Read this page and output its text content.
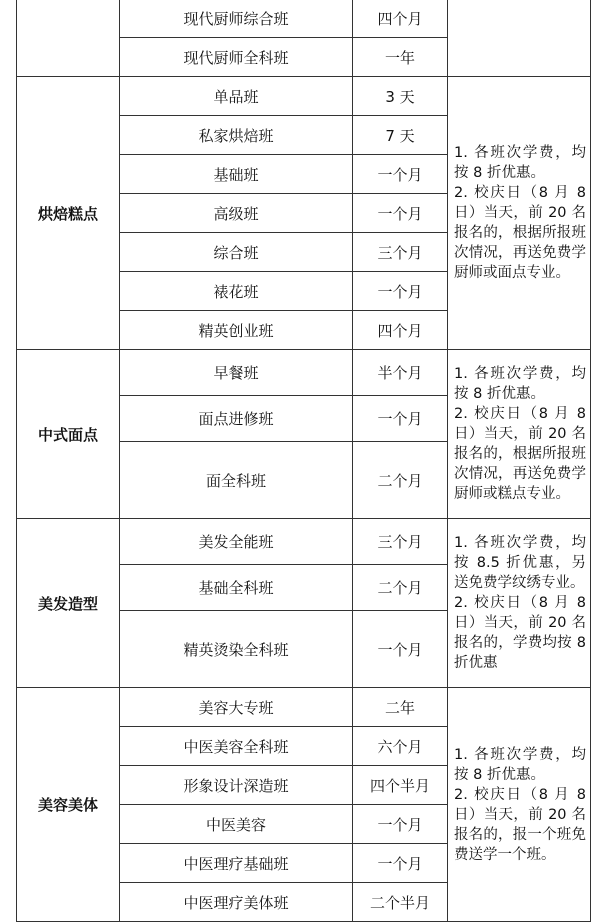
	现代厨师综合班	四个月	
	现代厨师全科班	一年	
烘焙糕点	单品班	3 天	1. 各班次学费，均按 8 折优惠。
2. 校庆日（8 月 8 日）当天，前 20 名报名的，根据所报班次情况，再送免费学厨师或面点专业。

	私家烘焙班	7 天	
	基础班	一个月	
	高级班	一个月	
	综合班	三个月	
	裱花班	一个月	
	精英创业班	四个月	
中式面点	早餐班	半个月	1. 各班次学费，均按 8 折优惠。
2. 校庆日（8 月 8 日）当天，前 20 名报名的，根据所报班次情况，再送免费学厨师或糕点专业。

	面点进修班	一个月	
	面全科班	二个月	
美发造型	美发全能班	三个月	1. 各班次学费，均按 8.5 折优惠，另送免费学纹绣专业。
2. 校庆日（8 月 8 日）当天，前 20 名报名的，学费均按 8 折优惠

	基础全科班	二个月	
	精英烫染全科班	一个月	
美容美体	美容大专班	二年	1. 各班次学费，均按 8 折优惠。
2. 校庆日（8 月 8 日）当天，前 20 名报名的，报一个班免费送学一个班。

	中医美容全科班	六个月	
	形象设计深造班	四个半月	
	中医美容	一个月	
	中医理疗基础班	一个月	
	中医理疗美体班	二个半月	
